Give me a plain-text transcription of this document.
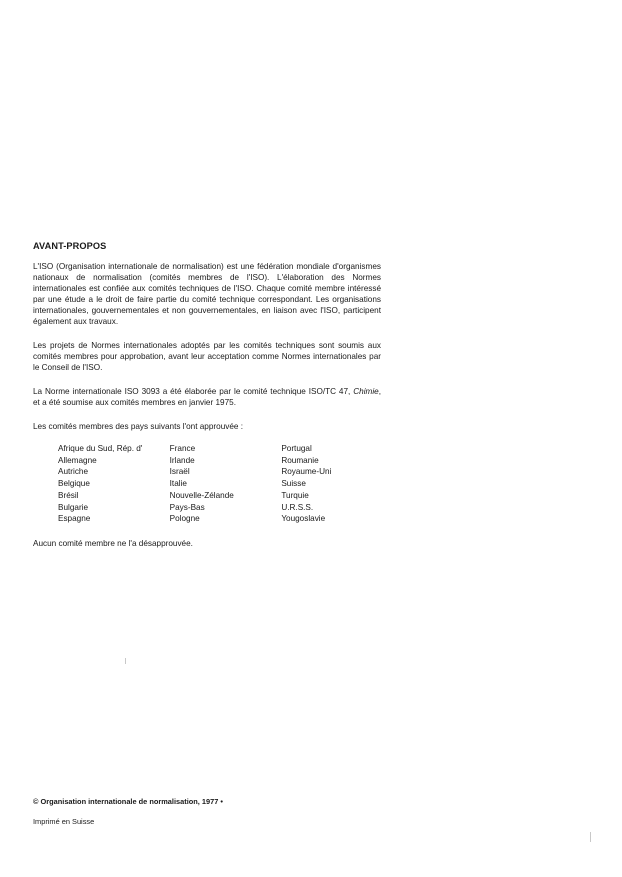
AVANT-PROPOS

L'ISO (Organisation internationale de normalisation) est une fédération mondiale d'organismes nationaux de normalisation (comités membres de l'ISO). L'élaboration des Normes internationales est confiée aux comités techniques de l'ISO. Chaque comité membre intéressé par une étude a le droit de faire partie du comité technique correspondant. Les organisations internationales, gouvernementales et non gouvernementales, en liaison avec l'ISO, participent également aux travaux.

Les projets de Normes internationales adoptés par les comités techniques sont soumis aux comités membres pour approbation, avant leur acceptation comme Normes internationales par le Conseil de l'ISO.

La Norme internationale ISO 3093 a été élaborée par le comité technique ISO/TC 47, Chimie, et a été soumise aux comités membres en janvier 1975.

Les comités membres des pays suivants l'ont approuvée :

Afrique du Sud, Rép. d'
Allemagne
Autriche
Belgique
Brésil
Bulgarie
Espagne
France
Irlande
Israël
Italie
Nouvelle-Zélande
Pays-Bas
Pologne
Portugal
Roumanie
Royaume-Uni
Suisse
Turquie
U.R.S.S.
Yougoslavie

Aucun comité membre ne l'a désapprouvée.

© Organisation internationale de normalisation, 1977 •
Imprimé en Suisse
